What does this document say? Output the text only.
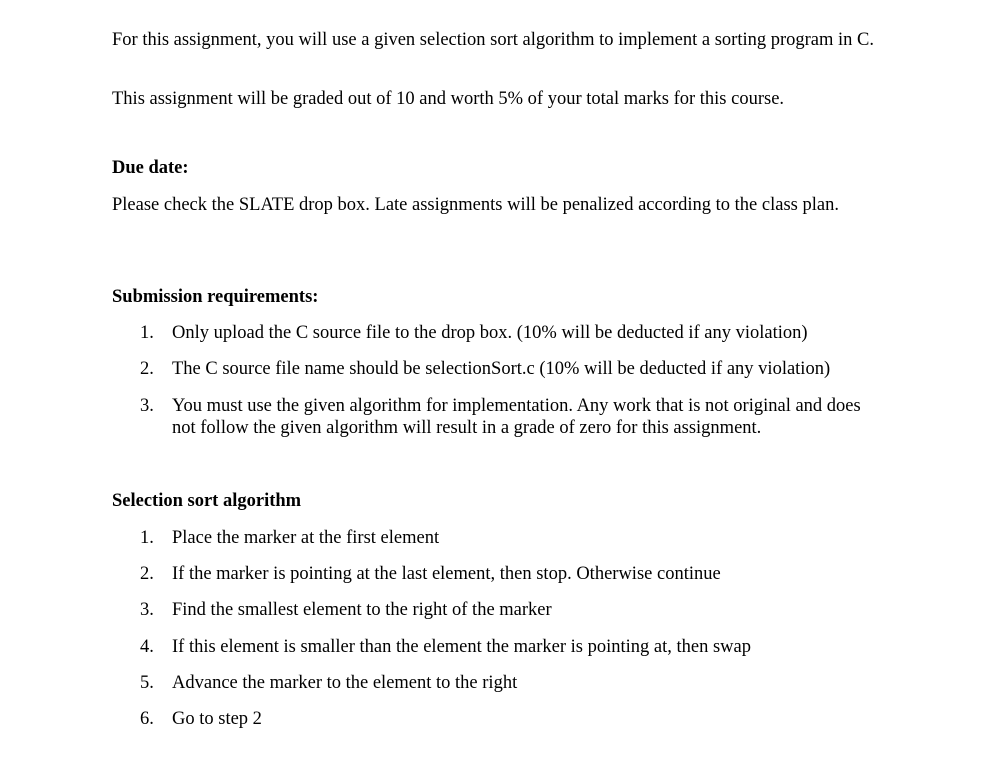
For this assignment, you will use a given selection sort algorithm to implement a sorting program in C.

This assignment will be graded out of 10 and worth 5% of your total marks for this course.

Due date:

Please check the SLATE drop box. Late assignments will be penalized according to the class plan.

Submission requirements:

1. Only upload the C source file to the drop box. (10% will be deducted if any violation)
2. The C source file name should be selectionSort.c (10% will be deducted if any violation)
3. You must use the given algorithm for implementation. Any work that is not original and does not follow the given algorithm will result in a grade of zero for this assignment.

Selection sort algorithm

1. Place the marker at the first element
2. If the marker is pointing at the last element, then stop. Otherwise continue
3. Find the smallest element to the right of the marker
4. If this element is smaller than the element the marker is pointing at, then swap
5. Advance the marker to the element to the right
6. Go to step 2
